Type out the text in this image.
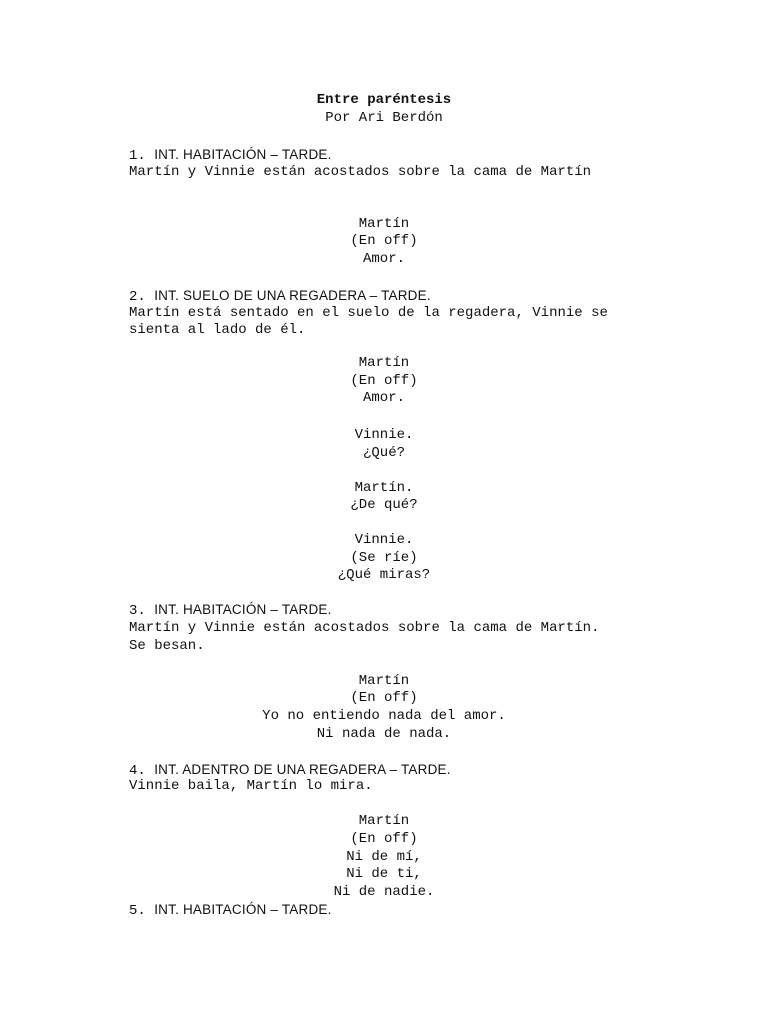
Entre paréntesis
Por Ari Berdón
1. INT. HABITACIÓN – TARDE.
Martín y Vinnie están acostados sobre la cama de Martín
Martín
(En off)
Amor.
2. INT. SUELO DE UNA REGADERA – TARDE.
Martín está sentado en el suelo de la regadera, Vinnie se
sienta al lado de él.
Martín
(En off)
Amor.
Vinnie.
¿Qué?
Martín.
¿De qué?
Vinnie.
(Se ríe)
¿Qué miras?
3. INT. HABITACIÓN – TARDE.
Martín y Vinnie están acostados sobre la cama de Martín.
Se besan.
Martín
(En off)
Yo no entiendo nada del amor.
Ni nada de nada.
4. INT. ADENTRO DE UNA REGADERA – TARDE.
Vinnie baila, Martín lo mira.
Martín
(En off)
Ni de mí,
Ni de ti,
Ni de nadie.
5. INT. HABITACIÓN – TARDE.
